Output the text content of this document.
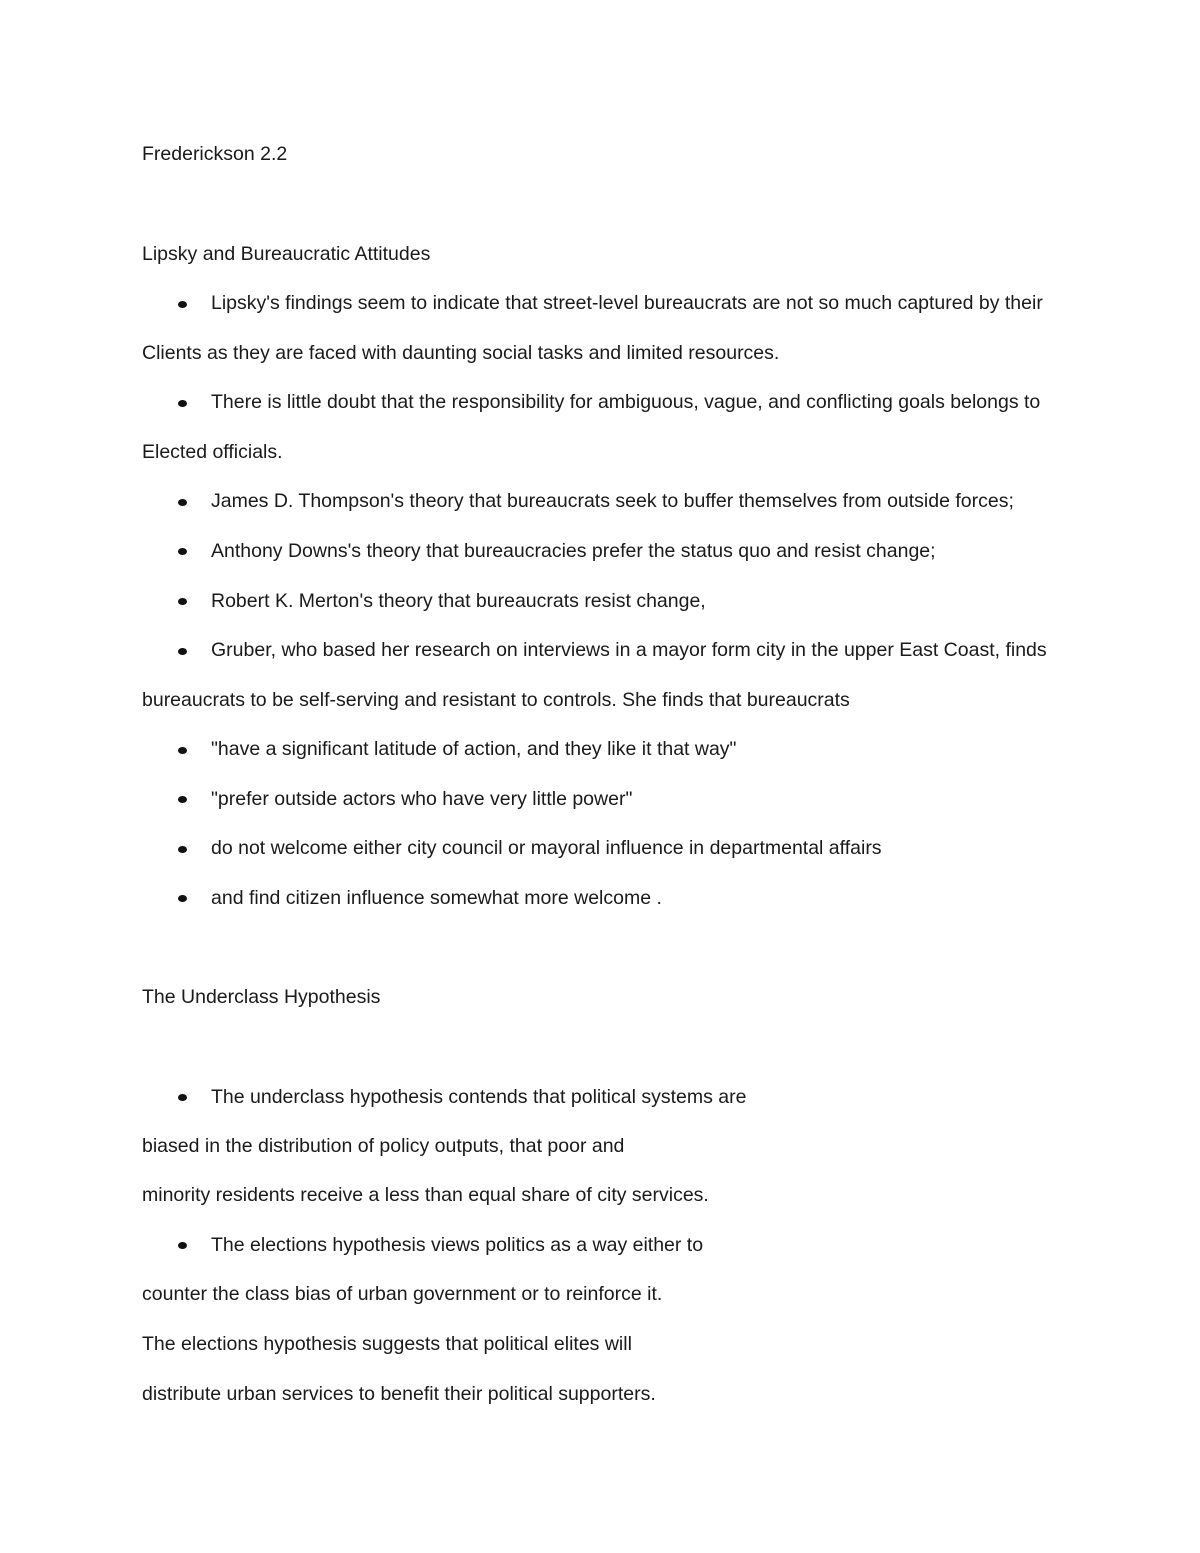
Frederickson 2.2
Lipsky and Bureaucratic Attitudes
Lipsky's findings seem to indicate that street-level bureaucrats are not so much captured by their
Clients as they are faced with daunting social tasks and limited resources.
There is little doubt that the responsibility for ambiguous, vague, and conflicting goals belongs to
Elected officials.
James D. Thompson's theory that bureaucrats seek to buffer themselves from outside forces;
Anthony Downs's theory that bureaucracies prefer the status quo and resist change;
Robert K. Merton's theory that bureaucrats resist change,
Gruber, who based her research on interviews in a mayor form city in the upper East Coast, finds
bureaucrats to be self-serving and resistant to controls. She finds that bureaucrats
"have a significant latitude of action, and they like it that way"
"prefer outside actors who have very little power"
do not welcome either city council or mayoral influence in departmental affairs
and find citizen influence somewhat more welcome .
The Underclass Hypothesis
The underclass hypothesis contends that political systems are
biased in the distribution of policy outputs, that poor and
minority residents receive a less than equal share of city services.
The elections hypothesis views politics as a way either to
counter the class bias of urban government or to reinforce it.
The elections hypothesis suggests that political elites will
distribute urban services to benefit their political supporters.
